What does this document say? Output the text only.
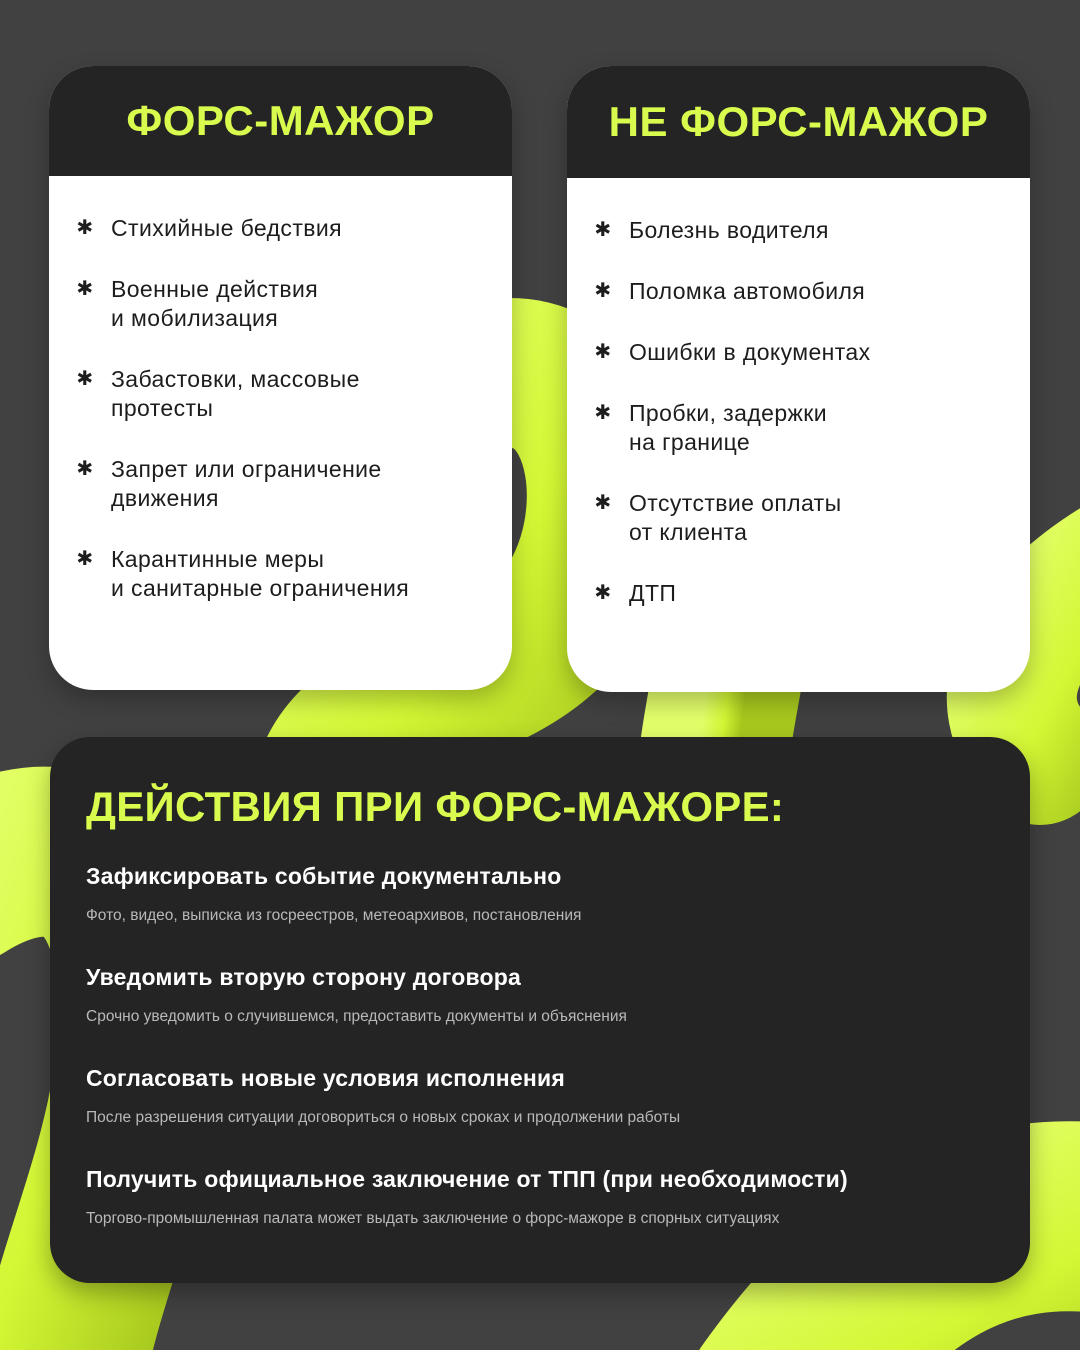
ФОРС-МАЖОР
✱ Стихийные бедствия
✱ Военные действия
и мобилизация
✱ Забастовки, массовые
протесты
✱ Запрет или ограничение
движения
✱ Карантинные меры
и санитарные ограничения
НЕ ФОРС-МАЖОР
✱ Болезнь водителя
✱ Поломка автомобиля
✱ Ошибки в документах
✱ Пробки, задержки
на границе
✱ Отсутствие оплаты
от клиента
✱ ДТП
ДЕЙСТВИЯ ПРИ ФОРС-МАЖОРЕ:
Зафиксировать событие документально
Фото, видео, выписка из госреестров, метеоархивов, постановления
Уведомить вторую сторону договора
Срочно уведомить о случившемся, предоставить документы и объяснения
Согласовать новые условия исполнения
После разрешения ситуации договориться о новых сроках и продолжении работы
Получить официальное заключение от ТПП (при необходимости)
Торгово-промышленная палата может выдать заключение о форс-мажоре в спорных ситуациях
